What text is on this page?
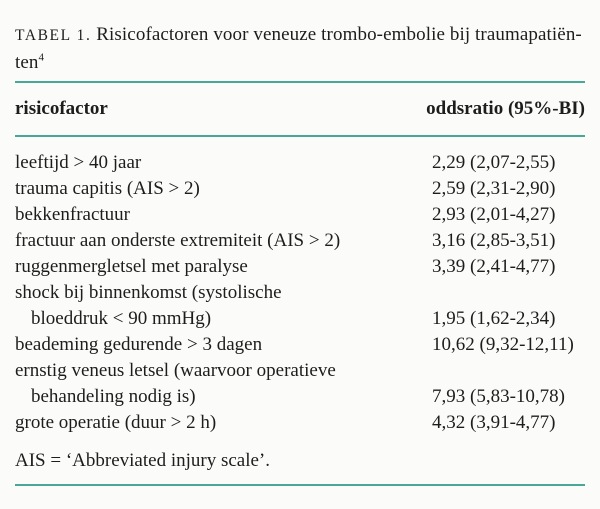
TABEL 1. Risicofactoren voor veneuze trombo-embolie bij traumapatiën-
ten$^4$
risicofactor	oddsratio (95%-BI)
leeftijd > 40 jaar	2,29 (2,07-2,55)
trauma capitis (AIS > 2)	2,59 (2,31-2,90)
bekkenfractuur	2,93 (2,01-4,27)
fractuur aan onderste extremiteit (AIS > 2)	3,16 (2,85-3,51)
ruggenmergletsel met paralyse	3,39 (2,41-4,77)
shock bij binnenkomst (systolische
bloeddruk < 90 mmHg)	1,95 (1,62-2,34)
beademing gedurende > 3 dagen	10,62 (9,32-12,11)
ernstig veneus letsel (waarvoor operatieve
behandeling nodig is)	7,93 (5,83-10,78)
grote operatie (duur > 2 h)	4,32 (3,91-4,77)
AIS = ‘Abbreviated injury scale’.
